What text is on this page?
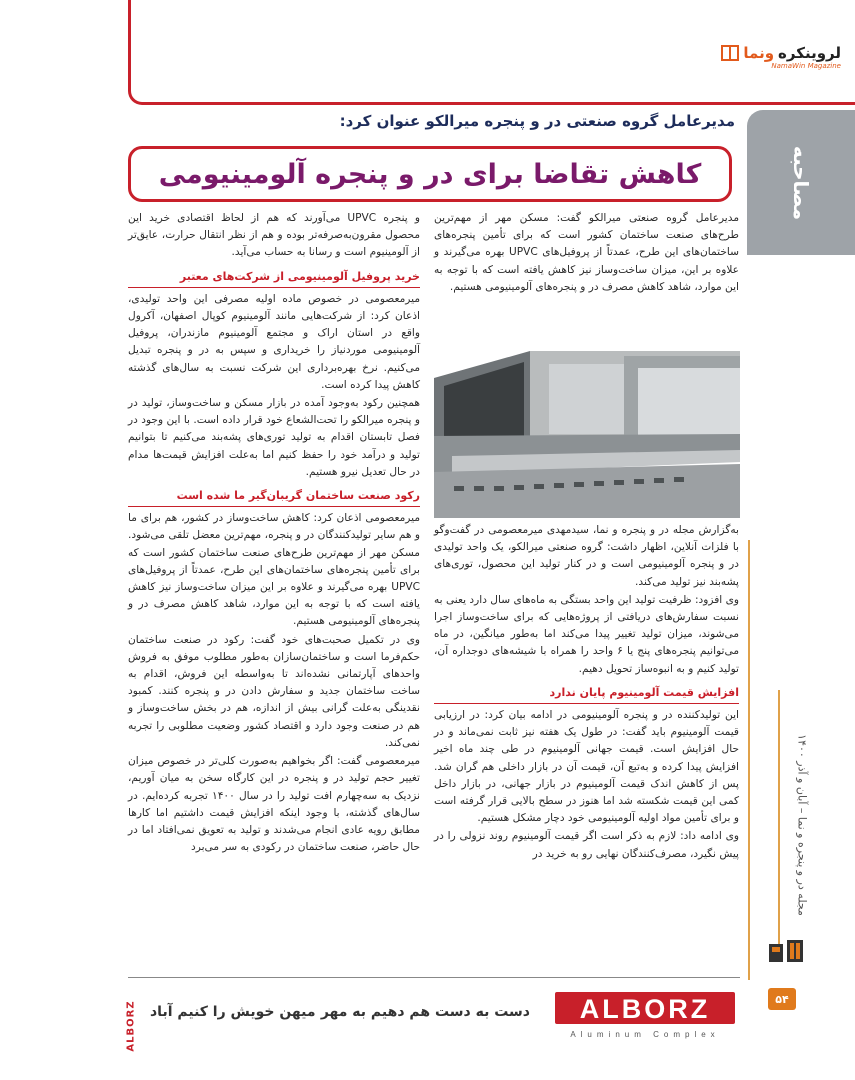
لروینکره
ونما
NamaWin Magazine
مصاحبه
مدیرعامل گروه صنعتی در و پنجره میرالکو عنوان کرد:
کاهش تقاضا برای در و پنجره آلومینیومی
مجله در و پنجره و نما – آبان و آذر ۱۴۰۰
۵۴

مدیرعامل گروه صنعتی میرالکو گفت: مسکن مهر از مهم‌ترین طرح‌های صنعت ساختمان کشور است که برای تأمین پنجره‌های ساختمان‌های این طرح، عمدتاً از پروفیل‌های UPVC بهره می‌گیرند و علاوه بر این، میزان ساخت‌وساز نیز کاهش یافته است که با توجه به این موارد، شاهد کاهش مصرف در و پنجره‌های آلومینیومی هستیم.

به‌گزارش مجله در و پنجره و نما، سیدمهدی میرمعصومی در گفت‌وگو با فلزات آنلاین، اظهار داشت: گروه صنعتی میرالکو، یک واحد تولیدی در و پنجره آلومینیومی است و در کنار تولید این محصول، توری‌های پشه‌بند نیز تولید می‌کند.

وی افزود: ظرفیت تولید این واحد بستگی به ماه‌های سال دارد یعنی به نسبت سفارش‌های دریافتی از پروژه‌هایی که برای ساخت‌وساز اجرا می‌شوند، میزان تولید تغییر پیدا می‌کند اما به‌طور میانگین، در ماه می‌توانیم پنجره‌های پنج یا ۶ واحد را همراه با شیشه‌های دوجداره آن، تولید کنیم و به انبوه‌ساز تحویل دهیم.

افزایش قیمت آلومینیوم پایان ندارد

این تولیدکننده در و پنجره آلومینیومی در ادامه بیان کرد: در ارزیابی قیمت آلومینیوم باید گفت: در طول یک هفته نیز ثابت نمی‌ماند و در حال افزایش است. قیمت جهانی آلومینیوم در طی چند ماه اخیر افزایش پیدا کرده و به‌تبع آن، قیمت آن در بازار داخلی هم گران شد. پس از کاهش اندک قیمت آلومینیوم در بازار جهانی، در بازار داخل کمی این قیمت شکسته شد اما هنوز در سطح بالایی قرار گرفته است و برای تأمین مواد اولیه آلومینیومی خود دچار مشکل هستیم.

وی ادامه داد: لازم به ذکر است اگر قیمت آلومینیوم روند نزولی را در پیش نگیرد، مصرف‌کنندگان نهایی رو به خرید در

و پنجره UPVC می‌آورند که هم از لحاظ اقتصادی خرید این محصول مقرون‌به‌صرفه‌تر بوده و هم از نظر انتقال حرارت، عایق‌تر از آلومینیوم است و رسانا به حساب می‌آید.

خرید پروفیل آلومینیومی از شرکت‌های معتبر

میرمعصومی در خصوص ماده اولیه مصرفی این واحد تولیدی، اذعان کرد: از شرکت‌هایی مانند آلومینیوم کوپال اصفهان، آکرول واقع در استان اراک و مجتمع آلومینیوم مازندران، پروفیل آلومینیومی موردنیاز را خریداری و سپس به در و پنجره تبدیل می‌کنیم. نرخ بهره‌برداری این شرکت نسبت به سال‌های گذشته کاهش پیدا کرده است.

همچنین رکود به‌وجود آمده در بازار مسکن و ساخت‌وساز، تولید در و پنجره میرالکو را تحت‌الشعاع خود قرار داده است. با این وجود در فصل تابستان اقدام به تولید توری‌های پشه‌بند می‌کنیم تا بتوانیم تولید و درآمد خود را حفظ کنیم اما به‌علت افزایش قیمت‌ها مدام در حال تعدیل نیرو هستیم.

رکود صنعت ساختمان گریبان‌گیر ما شده است

میرمعصومی اذعان کرد: کاهش ساخت‌وساز در کشور، هم برای ما و هم سایر تولیدکنندگان در و پنجره، مهم‌ترین معضل تلقی می‌شود. مسکن مهر از مهم‌ترین طرح‌های صنعت ساختمان کشور است که برای تأمین پنجره‌های ساختمان‌های این طرح، عمدتاً از پروفیل‌های UPVC بهره می‌گیرند و علاوه بر این میزان ساخت‌وساز نیز کاهش یافته است که با توجه به این موارد، شاهد کاهش مصرف در و پنجره‌های آلومینیومی هستیم.

وی در تکمیل صحبت‌های خود گفت: رکود در صنعت ساختمان حکم‌فرما است و ساختمان‌سازان به‌طور مطلوب موفق به فروش واحدهای آپارتمانی نشده‌اند تا به‌واسطه این فروش، اقدام به ساخت ساختمان جدید و سفارش دادن در و پنجره کنند. کمبود نقدینگی به‌علت گرانی بیش از اندازه، هم در بخش ساخت‌وساز و هم در صنعت وجود دارد و اقتصاد کشور وضعیت مطلوبی را تجربه نمی‌کند.

میرمعصومی گفت: اگر بخواهیم به‌صورت کلی‌تر در خصوص میزان تغییر حجم تولید در و پنجره در این کارگاه سخن به میان آوریم، نزدیک به سه‌چهارم افت تولید را در سال ۱۴۰۰ تجربه کرده‌ایم. در سال‌های گذشته، با وجود اینکه افزایش قیمت داشتیم اما کارها مطابق رویه عادی انجام می‌شدند و تولید به تعویق نمی‌افتاد اما در حال حاضر، صنعت ساختمان در رکودی به سر می‌برد

ALBORZ
Aluminum Complex
دست به دست هم دهیم به مهر
میهن خویش را کنیم آباد
ALBORZ
